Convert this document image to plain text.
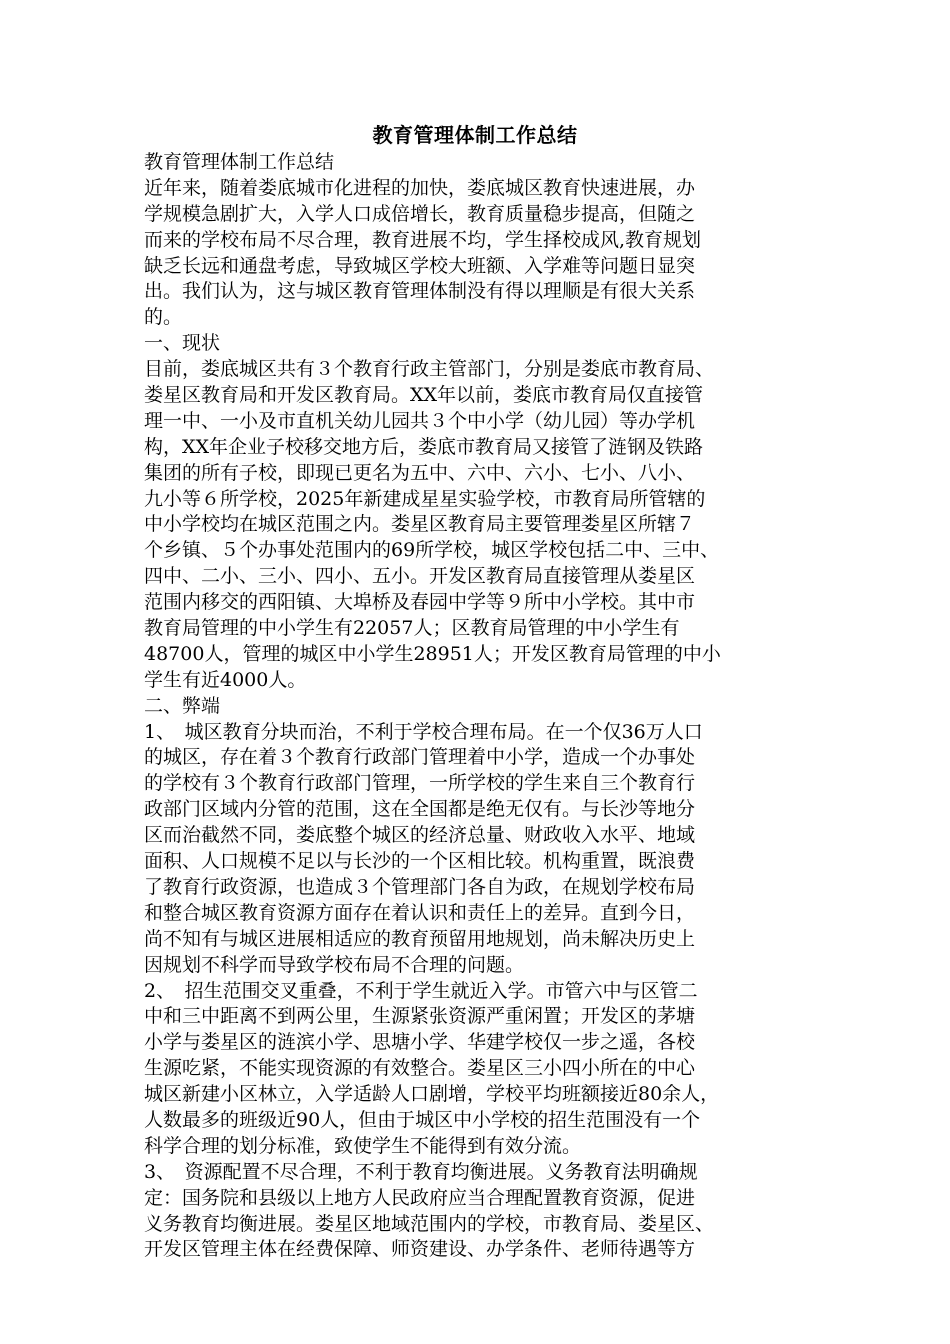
教育管理体制工作总结
教育管理体制工作总结
近年来，随着娄底城市化进程的加快，娄底城区教育快速进展，办
学规模急剧扩大，入学人口成倍增长，教育质量稳步提高，但随之
而来的学校布局不尽合理，教育进展不均，学生择校成风,教育规划
缺乏长远和通盘考虑，导致城区学校大班额、入学难等问题日显突
出。我们认为，这与城区教育管理体制没有得以理顺是有很大关系
的。
一、现状
目前，娄底城区共有３个教育行政主管部门，分别是娄底市教育局、
娄星区教育局和开发区教育局。XX年以前，娄底市教育局仅直接管
理一中、一小及市直机关幼儿园共３个中小学（幼儿园）等办学机
构，XX年企业子校移交地方后，娄底市教育局又接管了涟钢及铁路
集团的所有子校，即现已更名为五中、六中、六小、七小、八小、
九小等６所学校，2025年新建成星星实验学校，市教育局所管辖的
中小学校均在城区范围之内。娄星区教育局主要管理娄星区所辖７
个乡镇、５个办事处范围内的69所学校，城区学校包括二中、三中、
四中、二小、三小、四小、五小。开发区教育局直接管理从娄星区
范围内移交的西阳镇、大埠桥及春园中学等９所中小学校。其中市
教育局管理的中小学生有22057人；区教育局管理的中小学生有
48700人，管理的城区中小学生28951人；开发区教育局管理的中小
学生有近4000人。
二、弊端
1、　城区教育分块而治，不利于学校合理布局。在一个仅36万人口
的城区，存在着３个教育行政部门管理着中小学，造成一个办事处
的学校有３个教育行政部门管理，一所学校的学生来自三个教育行
政部门区域内分管的范围，这在全国都是绝无仅有。与长沙等地分
区而治截然不同，娄底整个城区的经济总量、财政收入水平、地域
面积、人口规模不足以与长沙的一个区相比较。机构重置，既浪费
了教育行政资源，也造成３个管理部门各自为政，在规划学校布局
和整合城区教育资源方面存在着认识和责任上的差异。直到今日，
尚不知有与城区进展相适应的教育预留用地规划，尚未解决历史上
因规划不科学而导致学校布局不合理的问题。
2、　招生范围交叉重叠，不利于学生就近入学。市管六中与区管二
中和三中距离不到两公里，生源紧张资源严重闲置；开发区的茅塘
小学与娄星区的涟滨小学、思塘小学、华建学校仅一步之遥，各校
生源吃紧，不能实现资源的有效整合。娄星区三小四小所在的中心
城区新建小区林立，入学适龄人口剧增，学校平均班额接近80余人，
人数最多的班级近90人，但由于城区中小学校的招生范围没有一个
科学合理的划分标准，致使学生不能得到有效分流。
3、　资源配置不尽合理，不利于教育均衡进展。义务教育法明确规
定：国务院和县级以上地方人民政府应当合理配置教育资源，促进
义务教育均衡进展。娄星区地域范围内的学校，市教育局、娄星区、
开发区管理主体在经费保障、师资建设、办学条件、老师待遇等方
